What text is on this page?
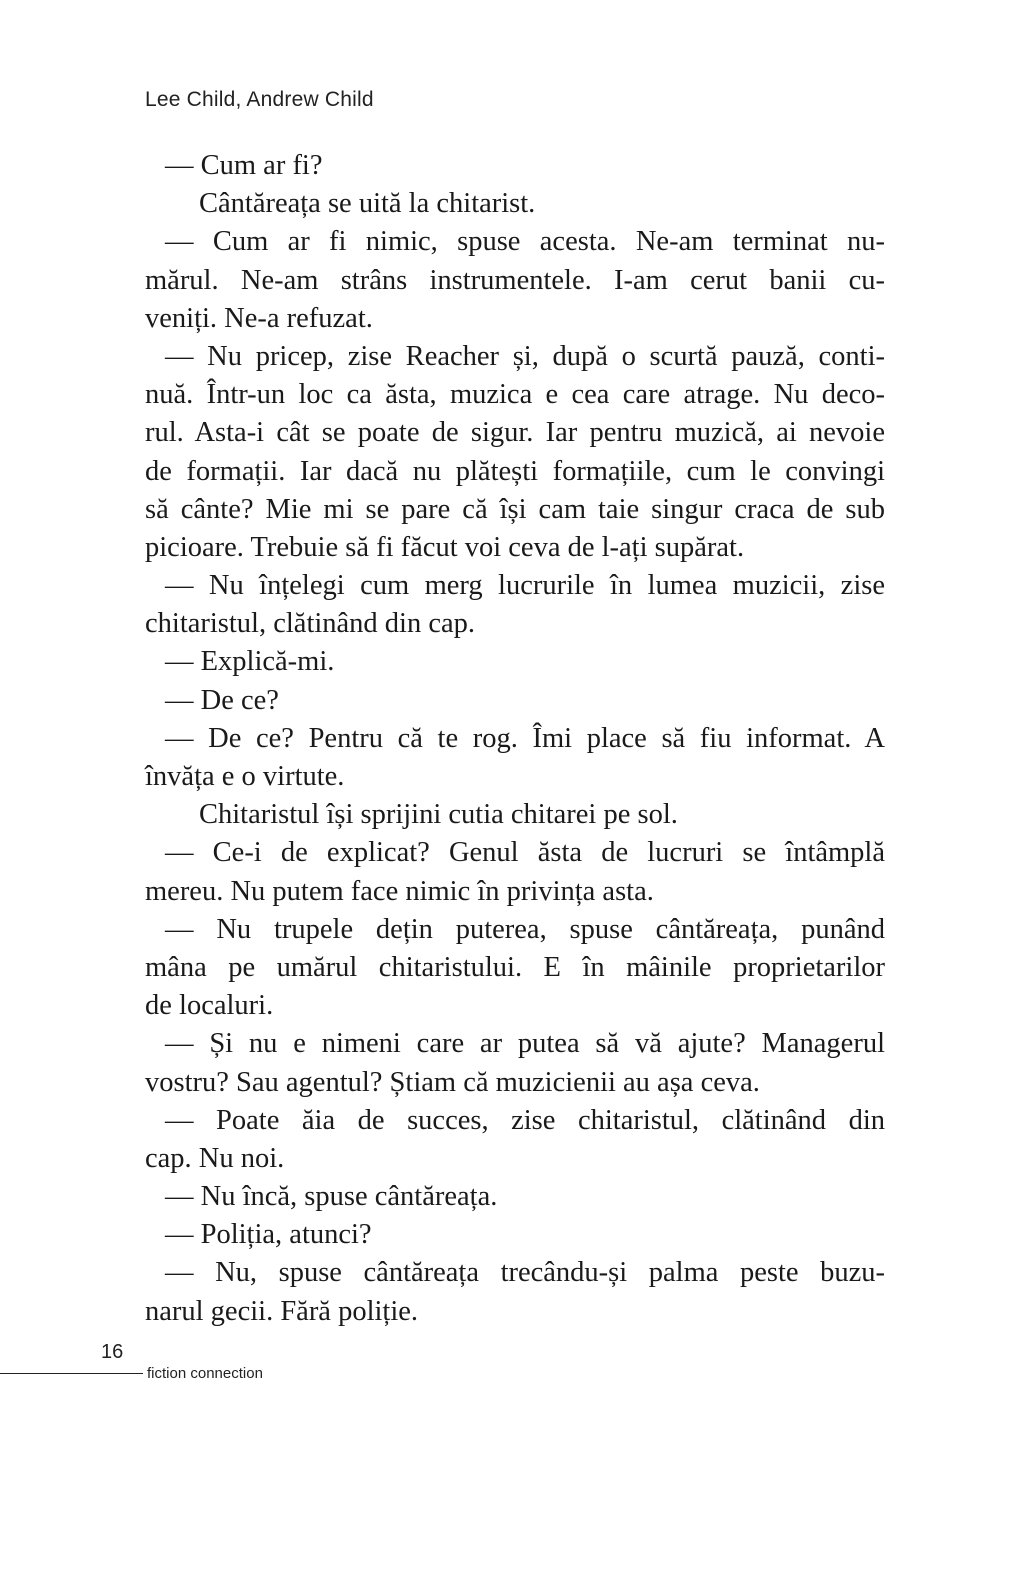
Lee Child, Andrew Child
— Cum ar fi?
Cântăreața se uită la chitarist.
— Cum ar fi nimic, spuse acesta. Ne-am terminat nu-
mărul. Ne-am strâns instrumentele. I-am cerut banii cu-
veniți. Ne-a refuzat.
— Nu pricep, zise Reacher și, după o scurtă pauză, conti-
nuă. Într-un loc ca ăsta, muzica e cea care atrage. Nu deco-
rul. Asta-i cât se poate de sigur. Iar pentru muzică, ai nevoie
de formații. Iar dacă nu plătești formațiile, cum le convingi
să cânte? Mie mi se pare că își cam taie singur craca de sub
picioare. Trebuie să fi făcut voi ceva de l-ați supărat.
— Nu înțelegi cum merg lucrurile în lumea muzicii, zise
chitaristul, clătinând din cap.
— Explică-mi.
— De ce?
— De ce? Pentru că te rog. Îmi place să fiu informat. A
învăța e o virtute.
Chitaristul își sprijini cutia chitarei pe sol.
— Ce-i de explicat? Genul ăsta de lucruri se întâmplă
mereu. Nu putem face nimic în privința asta.
— Nu trupele dețin puterea, spuse cântăreața, punând
mâna pe umărul chitaristului. E în mâinile proprietarilor
de localuri.
— Și nu e nimeni care ar putea să vă ajute? Managerul
vostru? Sau agentul? Știam că muzicienii au așa ceva.
— Poate ăia de succes, zise chitaristul, clătinând din
cap. Nu noi.
— Nu încă, spuse cântăreața.
— Poliția, atunci?
— Nu, spuse cântăreața trecându-și palma peste buzu-
narul gecii. Fără poliție.
16
fiction connection
